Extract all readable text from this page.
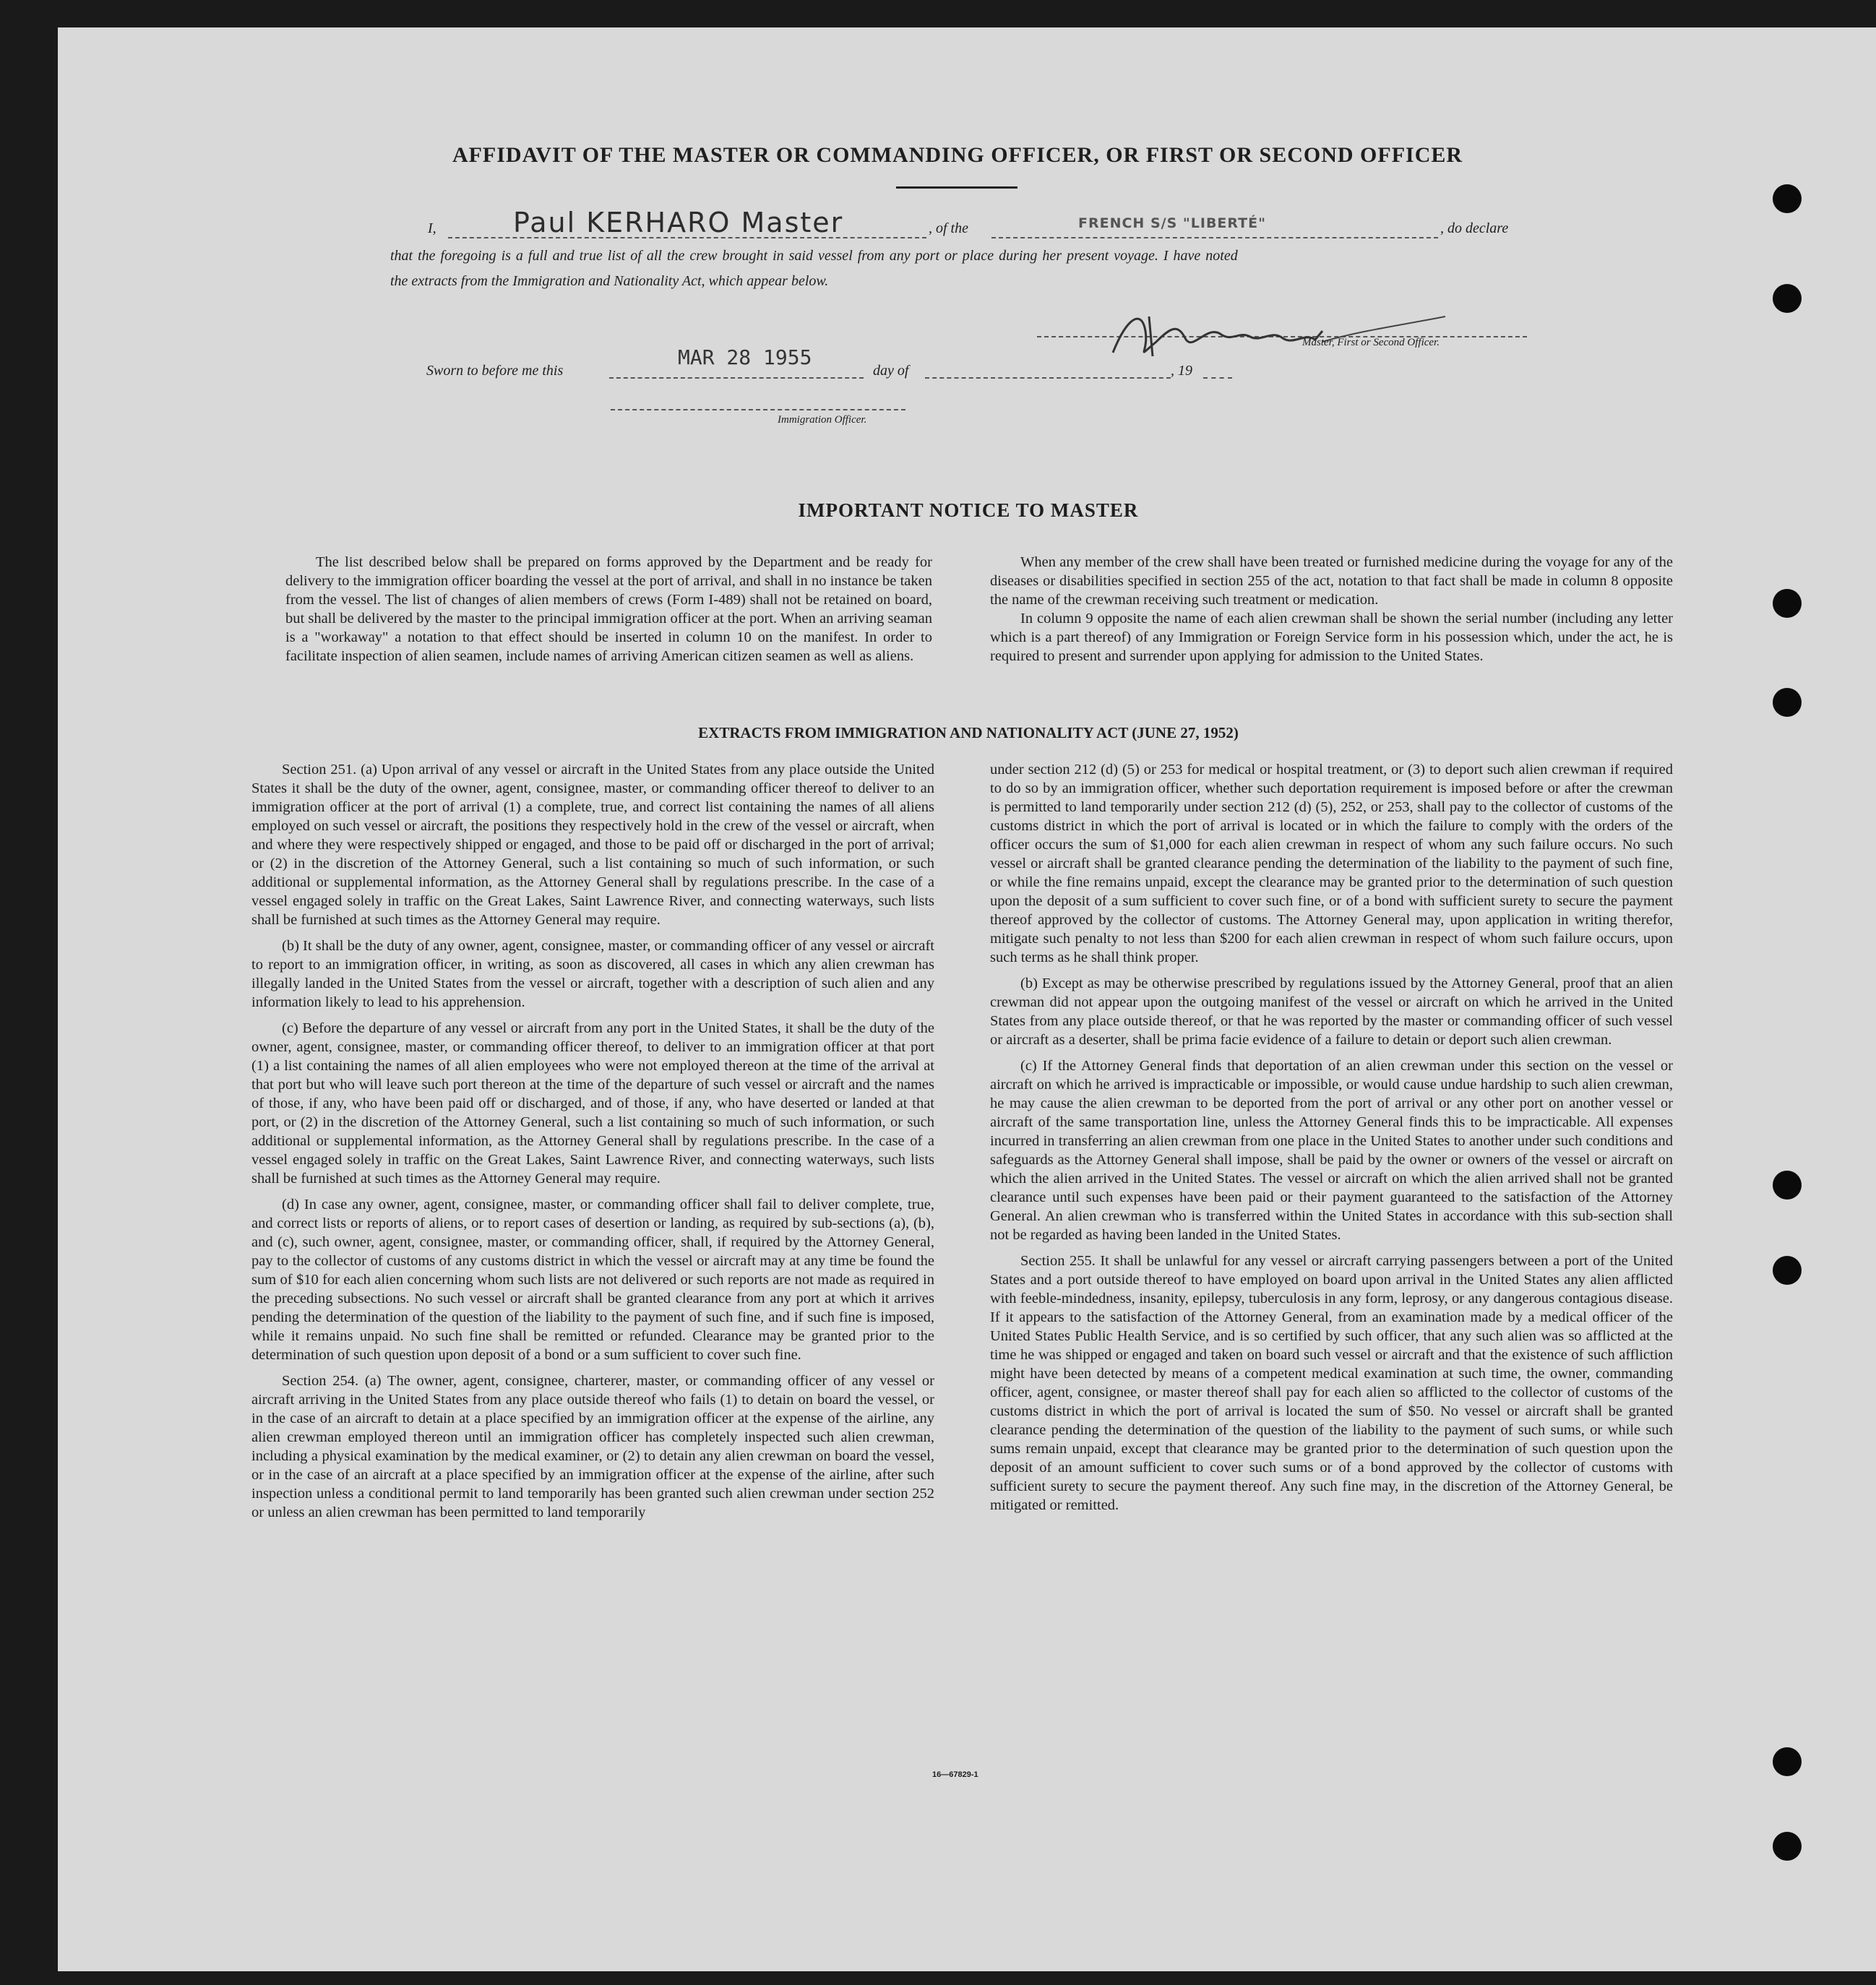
AFFIDAVIT OF THE MASTER OR COMMANDING OFFICER, OR FIRST OR SECOND OFFICER
I,	Paul KERHARO Master	, of the	FRENCH S/S "LIBERTÉ"	, do declare
that the foregoing is a full and true list of all the crew brought in said vessel from any port or place during her present voyage. I have noted
the extracts from the Immigration and Nationality Act, which appear below.
Master, First or Second Officer.
Sworn to before me this
MAR 28 1955
day of	, 19
Immigration Officer.
IMPORTANT NOTICE TO MASTER

The list described below shall be prepared on forms approved by the Department and be ready for delivery to the immigration officer boarding the vessel at the port of arrival, and shall in no instance be taken from the vessel. The list of changes of alien members of crews (Form I-489) shall not be retained on board, but shall be delivered by the master to the principal immigration officer at the port. When an arriving seaman is a "workaway" a notation to that effect should be inserted in column 10 on the manifest. In order to facilitate inspection of alien seamen, include names of arriving American citizen seamen as well as aliens.

When any member of the crew shall have been treated or furnished medicine during the voyage for any of the diseases or disabilities specified in section 255 of the act, notation to that fact shall be made in column 8 opposite the name of the crewman receiving such treatment or medication.

In column 9 opposite the name of each alien crewman shall be shown the serial number (including any letter which is a part thereof) of any Immigration or Foreign Service form in his possession which, under the act, he is required to present and surrender upon applying for admission to the United States.

EXTRACTS FROM IMMIGRATION AND NATIONALITY ACT (JUNE 27, 1952)

Section 251. (a) Upon arrival of any vessel or aircraft in the United States from any place outside the United States it shall be the duty of the owner, agent, consignee, master, or commanding officer thereof to deliver to an immigration officer at the port of arrival (1) a complete, true, and correct list containing the names of all aliens employed on such vessel or aircraft, the positions they respectively hold in the crew of the vessel or aircraft, when and where they were respectively shipped or engaged, and those to be paid off or discharged in the port of arrival; or (2) in the discretion of the Attorney General, such a list containing so much of such information, or such additional or supplemental information, as the Attorney General shall by regulations prescribe. In the case of a vessel engaged solely in traffic on the Great Lakes, Saint Lawrence River, and connecting waterways, such lists shall be furnished at such times as the Attorney General may require.

(b) It shall be the duty of any owner, agent, consignee, master, or commanding officer of any vessel or aircraft to report to an immigration officer, in writing, as soon as discovered, all cases in which any alien crewman has illegally landed in the United States from the vessel or aircraft, together with a description of such alien and any information likely to lead to his apprehension.

(c) Before the departure of any vessel or aircraft from any port in the United States, it shall be the duty of the owner, agent, consignee, master, or commanding officer thereof, to deliver to an immigration officer at that port (1) a list containing the names of all alien employees who were not employed thereon at the time of the arrival at that port but who will leave such port thereon at the time of the departure of such vessel or aircraft and the names of those, if any, who have been paid off or discharged, and of those, if any, who have deserted or landed at that port, or (2) in the discretion of the Attorney General, such a list containing so much of such information, or such additional or supplemental information, as the Attorney General shall by regulations prescribe. In the case of a vessel engaged solely in traffic on the Great Lakes, Saint Lawrence River, and connecting waterways, such lists shall be furnished at such times as the Attorney General may require.

(d) In case any owner, agent, consignee, master, or commanding officer shall fail to deliver complete, true, and correct lists or reports of aliens, or to report cases of desertion or landing, as required by sub-sections (a), (b), and (c), such owner, agent, consignee, master, or commanding officer, shall, if required by the Attorney General, pay to the collector of customs of any customs district in which the vessel or aircraft may at any time be found the sum of $10 for each alien concerning whom such lists are not delivered or such reports are not made as required in the preceding subsections. No such vessel or aircraft shall be granted clearance from any port at which it arrives pending the determination of the question of the liability to the payment of such fine, and if such fine is imposed, while it remains unpaid. No such fine shall be remitted or refunded. Clearance may be granted prior to the determination of such question upon deposit of a bond or a sum sufficient to cover such fine.

Section 254. (a) The owner, agent, consignee, charterer, master, or commanding officer of any vessel or aircraft arriving in the United States from any place outside thereof who fails (1) to detain on board the vessel, or in the case of an aircraft to detain at a place specified by an immigration officer at the expense of the airline, any alien crewman employed thereon until an immigration officer has completely inspected such alien crewman, including a physical examination by the medical examiner, or (2) to detain any alien crewman on board the vessel, or in the case of an aircraft at a place specified by an immigration officer at the expense of the airline, after such inspection unless a conditional permit to land temporarily has been granted such alien crewman under section 252 or unless an alien crewman has been permitted to land temporarily

under section 212 (d) (5) or 253 for medical or hospital treatment, or (3) to deport such alien crewman if required to do so by an immigration officer, whether such deportation requirement is imposed before or after the crewman is permitted to land temporarily under section 212 (d) (5), 252, or 253, shall pay to the collector of customs of the customs district in which the port of arrival is located or in which the failure to comply with the orders of the officer occurs the sum of $1,000 for each alien crewman in respect of whom any such failure occurs. No such vessel or aircraft shall be granted clearance pending the determination of the liability to the payment of such fine, or while the fine remains unpaid, except the clearance may be granted prior to the determination of such question upon the deposit of a sum sufficient to cover such fine, or of a bond with sufficient surety to secure the payment thereof approved by the collector of customs. The Attorney General may, upon application in writing therefor, mitigate such penalty to not less than $200 for each alien crewman in respect of whom such failure occurs, upon such terms as he shall think proper.

(b) Except as may be otherwise prescribed by regulations issued by the Attorney General, proof that an alien crewman did not appear upon the outgoing manifest of the vessel or aircraft on which he arrived in the United States from any place outside thereof, or that he was reported by the master or commanding officer of such vessel or aircraft as a deserter, shall be prima facie evidence of a failure to detain or deport such alien crewman.

(c) If the Attorney General finds that deportation of an alien crewman under this section on the vessel or aircraft on which he arrived is impracticable or impossible, or would cause undue hardship to such alien crewman, he may cause the alien crewman to be deported from the port of arrival or any other port on another vessel or aircraft of the same transportation line, unless the Attorney General finds this to be impracticable. All expenses incurred in transferring an alien crewman from one place in the United States to another under such conditions and safeguards as the Attorney General shall impose, shall be paid by the owner or owners of the vessel or aircraft on which the alien arrived in the United States. The vessel or aircraft on which the alien arrived shall not be granted clearance until such expenses have been paid or their payment guaranteed to the satisfaction of the Attorney General. An alien crewman who is transferred within the United States in accordance with this sub-section shall not be regarded as having been landed in the United States.

Section 255. It shall be unlawful for any vessel or aircraft carrying passengers between a port of the United States and a port outside thereof to have employed on board upon arrival in the United States any alien afflicted with feeble-mindedness, insanity, epilepsy, tuberculosis in any form, leprosy, or any dangerous contagious disease. If it appears to the satisfaction of the Attorney General, from an examination made by a medical officer of the United States Public Health Service, and is so certified by such officer, that any such alien was so afflicted at the time he was shipped or engaged and taken on board such vessel or aircraft and that the existence of such affliction might have been detected by means of a competent medical examination at such time, the owner, commanding officer, agent, consignee, or master thereof shall pay for each alien so afflicted to the collector of customs of the customs district in which the port of arrival is located the sum of $50. No vessel or aircraft shall be granted clearance pending the determination of the question of the liability to the payment of such sums, or while such sums remain unpaid, except that clearance may be granted prior to the determination of such question upon the deposit of an amount sufficient to cover such sums or of a bond approved by the collector of customs with sufficient surety to secure the payment thereof. Any such fine may, in the discretion of the Attorney General, be mitigated or remitted.

16—67829-1
